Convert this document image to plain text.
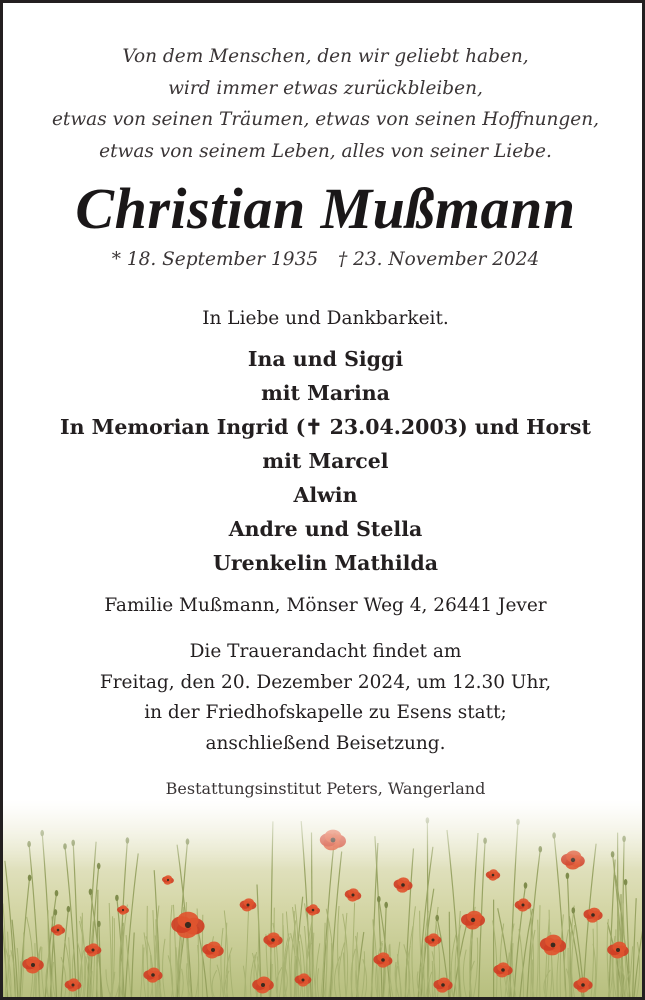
Von dem Menschen, den wir geliebt haben,
wird immer etwas zurückbleiben,
etwas von seinen Träumen, etwas von seinen Hoffnungen,
etwas von seinem Leben, alles von seiner Liebe.
Christian Mußmann
* 18. September 1935 † 23. November 2024
In Liebe und Dankbarkeit.
Ina und Siggi
mit Marina
In Memorian Ingrid (✝ 23.04.2003) und Horst
mit Marcel
Alwin
Andre und Stella
Urenkelin Mathilda
Familie Mußmann, Mönser Weg 4, 26441 Jever
Die Trauerandacht findet am
Freitag, den 20. Dezember 2024, um 12.30 Uhr,
in der Friedhofskapelle zu Esens statt;
anschließend Beisetzung.
Bestattungsinstitut Peters, Wangerland
